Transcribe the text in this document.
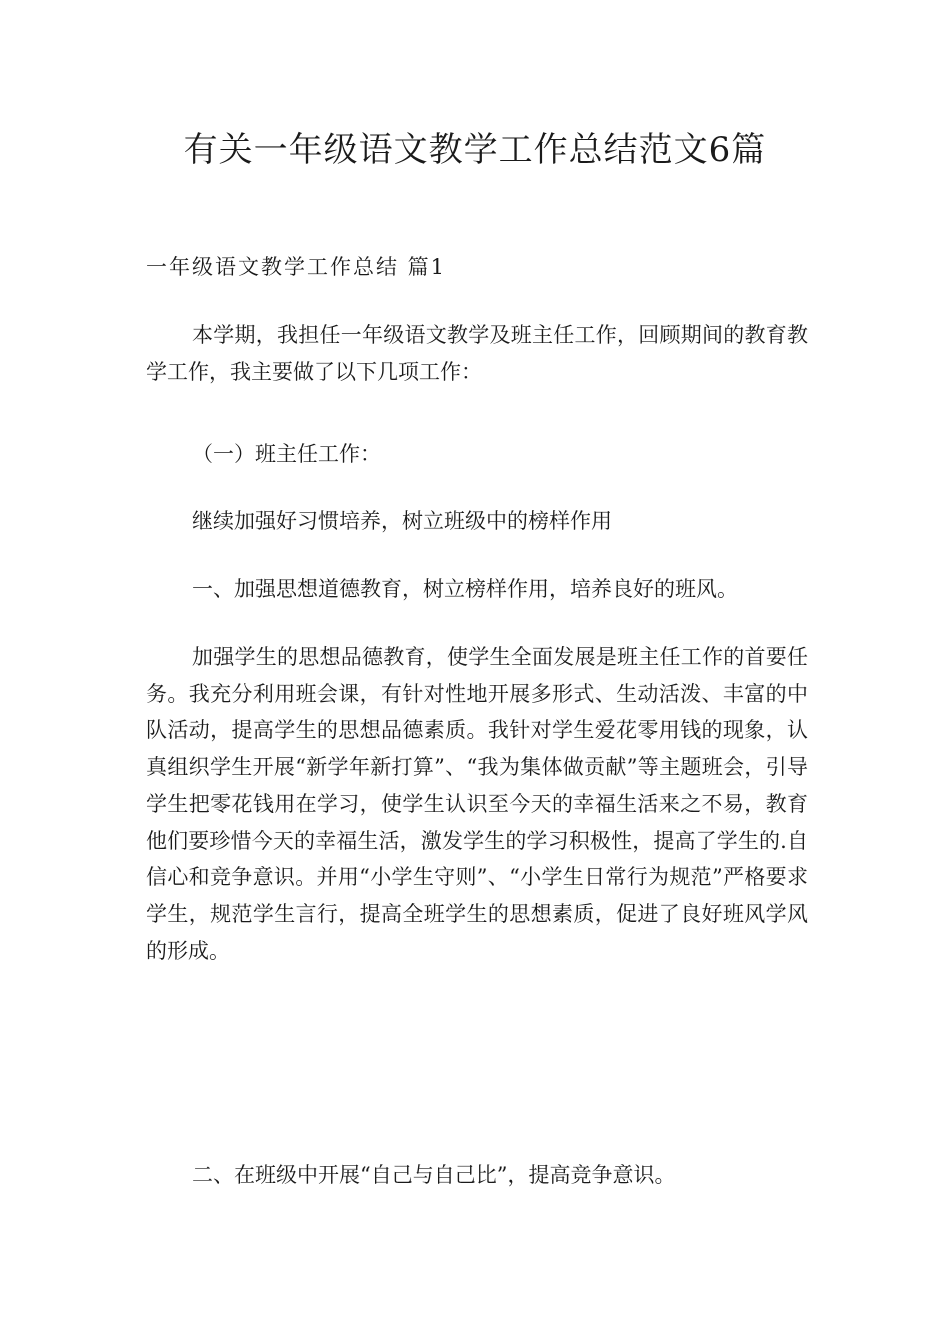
有关一年级语文教学工作总结范文6篇
一年级语文教学工作总结 篇1

本学期，我担任一年级语文教学及班主任工作，回顾期间的教育教学工作，我主要做了以下几项工作：

（一）班主任工作：

继续加强好习惯培养，树立班级中的榜样作用

一、加强思想道德教育，树立榜样作用，培养良好的班风。

加强学生的思想品德教育，使学生全面发展是班主任工作的首要任务。我充分利用班会课，有针对性地开展多形式、生动活泼、丰富的中队活动，提高学生的思想品德素质。我针对学生爱花零用钱的现象，认真组织学生开展“新学年新打算”、“我为集体做贡献”等主题班会，引导学生把零花钱用在学习，使学生认识至今天的幸福生活来之不易，教育他们要珍惜今天的幸福生活，激发学生的学习积极性，提高了学生的.自信心和竞争意识。并用“小学生守则”、“小学生日常行为规范”严格要求学生，规范学生言行，提高全班学生的思想素质，促进了良好班风学风的形成。

二、在班级中开展“自己与自己比”，提高竞争意识。
